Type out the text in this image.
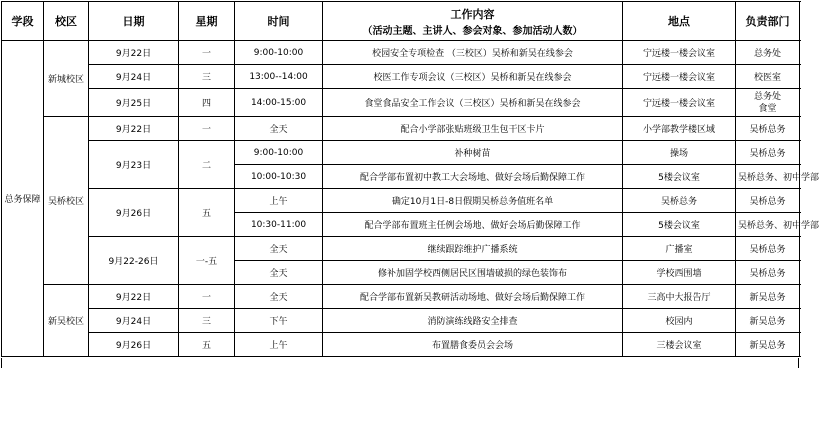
学段	校区	日期	星期	时间	工作内容
（活动主题、主讲人、参会对象、参加活动人数）	地点	负责部门
总务保障	新城校区	9月22日	一	9:00-10:00	校园安全专项检查 （三校区）吴桥和新吴在线参会	宁远楼一楼会议室	总务处
		9月24日	三	13:00--14:00	校医工作专项会议（三校区）吴桥和新吴在线参会	宁远楼一楼会议室	校医室
		9月25日	四	14:00-15:00	食堂食品安全工作会议（三校区）吴桥和新吴在线参会	宁远楼一楼会议室	总务处
食堂

	吴桥校区	9月22日	一	全天	配合小学部张贴班级卫生包干区卡片	小学部教学楼区域	吴桥总务
		9月23日	二	9:00-10:00	补种树苗	操场	吴桥总务
				10:00-10:30	配合学部布置初中教工大会场地、做好会场后勤保障工作	5楼会议室	吴桥总务、初中学部
		9月26日	五	上午	确定10月1日-8日假期吴桥总务值班名单	吴桥总务	吴桥总务
				10:30-11:00	配合学部布置班主任例会场地、做好会场后勤保障工作	5楼会议室	吴桥总务、初中学部
		9月22-26日	一-五	全天	继续跟踪维护广播系统	广播室	吴桥总务
				全天	修补加固学校西侧居民区围墙破损的绿色装饰布	学校西围墙	吴桥总务
	新吴校区	9月22日	一	全天	配合学部布置新吴教研活动场地、做好会场后勤保障工作	三高中大报告厅	新吴总务
		9月24日	三	下午	消防演练线路安全排查	校园内	新吴总务
		9月26日	五	上午	布置膳食委员会会场	三楼会议室	新吴总务
